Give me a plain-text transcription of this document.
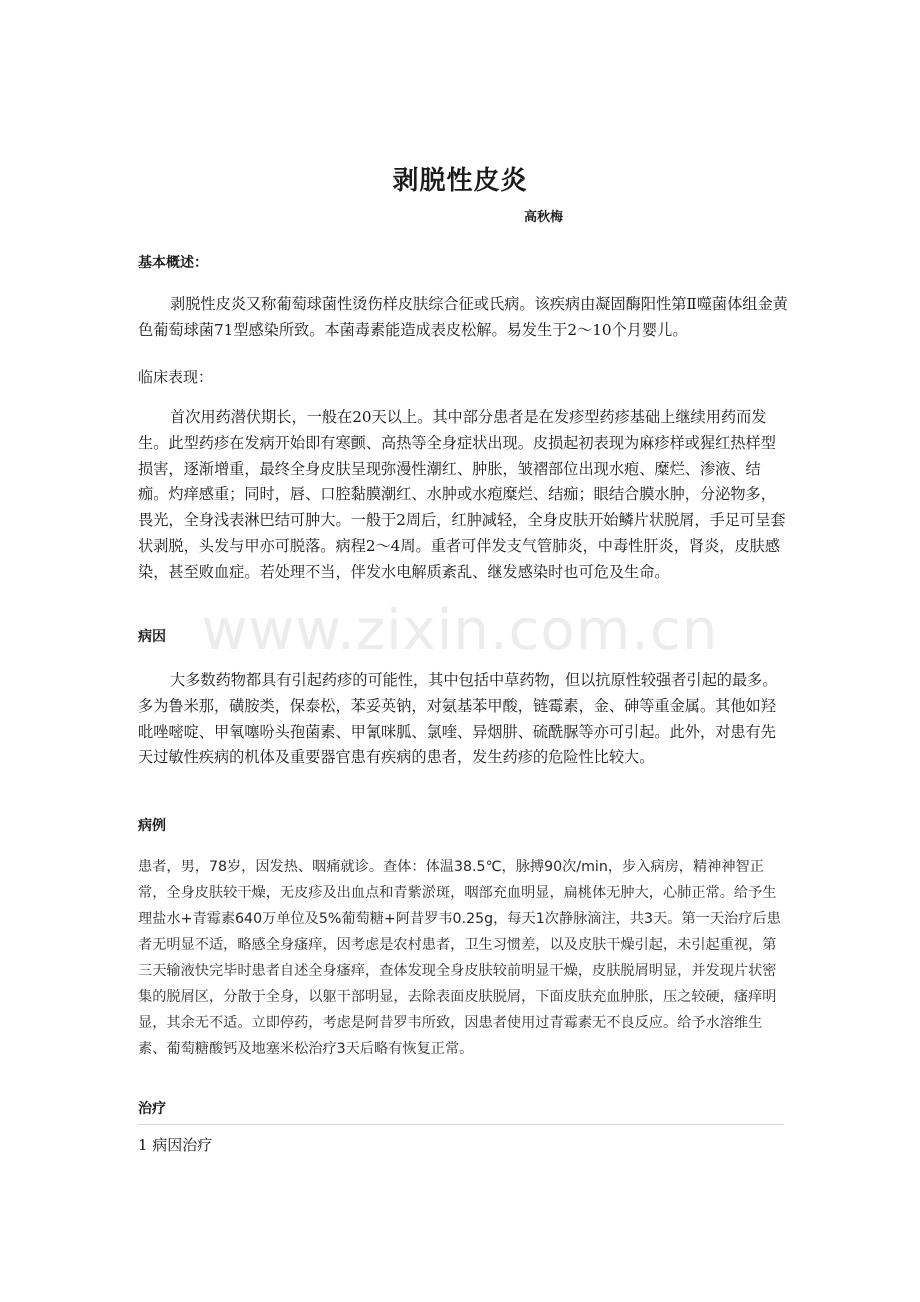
www.zixin.com.cn
剥脱性皮炎
高秋梅
基本概述：
剥脱性皮炎又称葡萄球菌性烫伤样皮肤综合征或氏病。该疾病由凝固酶阳性第Ⅱ噬菌体组金黄色葡萄球菌71型感染所致。本菌毒素能造成表皮松解。易发生于2～10个月婴儿。
临床表现：
首次用药潜伏期长，一般在20天以上。其中部分患者是在发疹型药疹基础上继续用药而发生。此型药疹在发病开始即有寒颤、高热等全身症状出现。皮损起初表现为麻疹样或猩红热样型损害，逐渐增重，最终全身皮肤呈现弥漫性潮红、肿胀，皱褶部位出现水疱、糜烂、渗液、结痂。灼痒感重；同时，唇、口腔黏膜潮红、水肿或水疱糜烂、结痂；眼结合膜水肿，分泌物多，畏光，全身浅表淋巴结可肿大。一般于2周后，红肿减轻，全身皮肤开始鳞片状脱屑，手足可呈套状剥脱，头发与甲亦可脱落。病程2～4周。重者可伴发支气管肺炎，中毒性肝炎，肾炎，皮肤感染，甚至败血症。若处理不当，伴发水电解质紊乱、继发感染时也可危及生命。
病因
大多数药物都具有引起药疹的可能性，其中包括中草药物，但以抗原性较强者引起的最多。多为鲁米那，磺胺类，保泰松，苯妥英钠，对氨基苯甲酸，链霉素，金、砷等重金属。其他如羟吡唑嘧啶、甲氧噻吩头孢菌素、甲氰咪胍、氯喹、异烟肼、硫酰脲等亦可引起。此外，对患有先天过敏性疾病的机体及重要器官患有疾病的患者，发生药疹的危险性比较大。
病例
患者，男，78岁，因发热、咽痛就诊。查体：体温38.5℃，脉搏90次/min，步入病房，精神神智正常，全身皮肤较干燥，无皮疹及出血点和青紫淤斑，咽部充血明显，扁桃体无肿大，心肺正常。给予生理盐水+青霉素640万单位及5%葡萄糖+阿昔罗韦0.25g，每天1次静脉滴注，共3天。第一天治疗后患者无明显不适，略感全身瘙痒，因考虑是农村患者，卫生习惯差，以及皮肤干燥引起，未引起重视，第三天输液快完毕时患者自述全身瘙痒，查体发现全身皮肤较前明显干燥，皮肤脱屑明显，并发现片状密集的脱屑区，分散于全身，以躯干部明显，去除表面皮肤脱屑，下面皮肤充血肿胀，压之较硬，瘙痒明显，其余无不适。立即停药，考虑是阿昔罗韦所致，因患者使用过青霉素无不良反应。给予水溶维生素、葡萄糖酸钙及地塞米松治疗3天后略有恢复正常。
治疗
1 病因治疗
